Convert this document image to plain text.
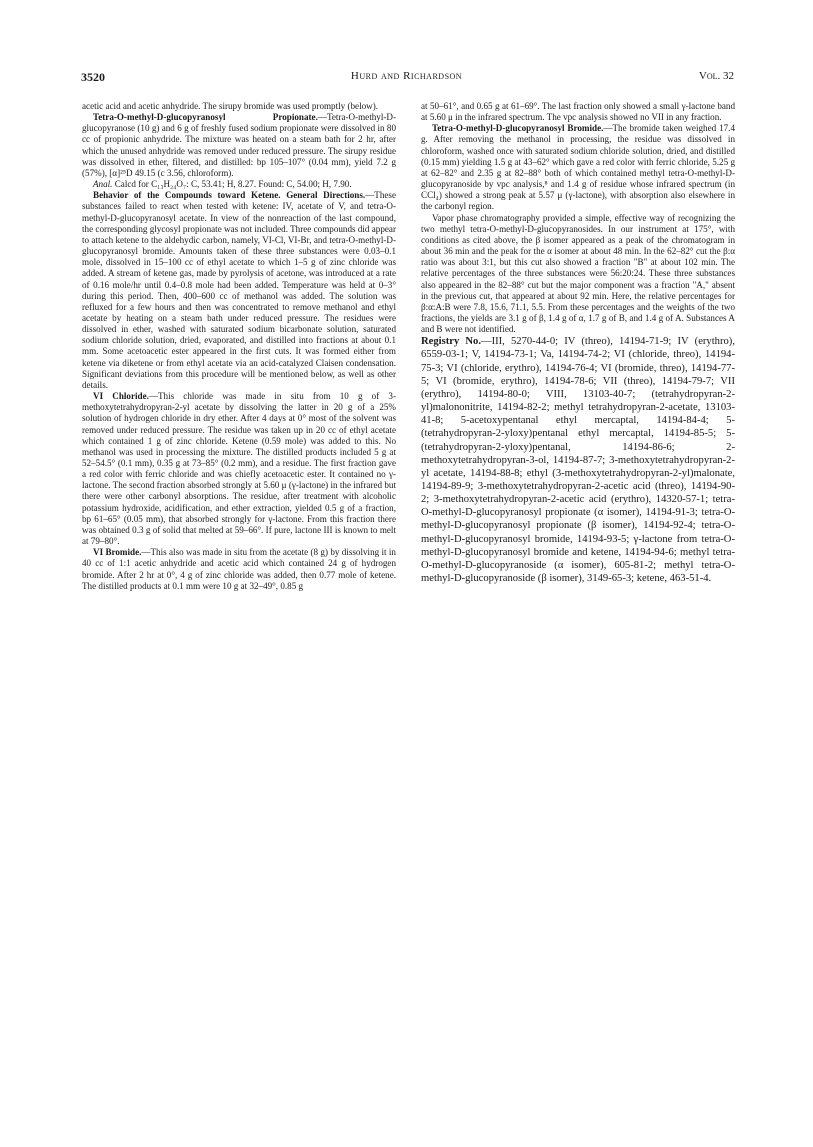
3520	Hurd and Richardson	Vol. 32

acetic acid and acetic anhydride. The sirupy bromide was used promptly (below).

Tetra-O-methyl-D-glucopyranosyl Propionate.—Tetra-O-methyl-D-glucopyranose (10 g) and 6 g of freshly fused sodium propionate were dissolved in 80 cc of propionic anhydride. The mixture was heated on a steam bath for 2 hr, after which the unused anhydride was removed under reduced pressure. The sirupy residue was dissolved in ether, filtered, and distilled: bp 105–107° (0.04 mm), yield 7.2 g (57%), [α]²⁵D 49.15 (c 3.56, chloroform).

Anal. Calcd for C₁₃H₂₄O₇: C, 53.41; H, 8.27. Found: C, 54.00; H, 7.90.

Behavior of the Compounds toward Ketene. General Directions.—These substances failed to react when tested with ketene: IV, acetate of V, and tetra-O-methyl-D-glucopyranosyl acetate. In view of the nonreaction of the last compound, the corresponding glycosyl propionate was not included. Three compounds did appear to attach ketene to the aldehydic carbon, namely, VI-Cl, VI-Br, and tetra-O-methyl-D-glucopyranosyl bromide. Amounts taken of these three substances were 0.03–0.1 mole, dissolved in 15–100 cc of ethyl acetate to which 1–5 g of zinc chloride was added. A stream of ketene gas, made by pyrolysis of acetone, was introduced at a rate of 0.16 mole/hr until 0.4–0.8 mole had been added. Temperature was held at 0–3° during this period. Then, 400–600 cc of methanol was added. The solution was refluxed for a few hours and then was concentrated to remove methanol and ethyl acetate by heating on a steam bath under reduced pressure. The residues were dissolved in ether, washed with saturated sodium bicarbonate solution, saturated sodium chloride solution, dried, evaporated, and distilled into fractions at about 0.1 mm. Some acetoacetic ester appeared in the first cuts. It was formed either from ketene via diketene or from ethyl acetate via an acid-catalyzed Claisen condensation. Significant deviations from this procedure will be mentioned below, as well as other details.

VI Chloride.—This chloride was made in situ from 10 g of 3-methoxytetrahydropyran-2-yl acetate by dissolving the latter in 20 g of a 25% solution of hydrogen chloride in dry ether. After 4 days at 0° most of the solvent was removed under reduced pressure. The residue was taken up in 20 cc of ethyl acetate which contained 1 g of zinc chloride. Ketene (0.59 mole) was added to this. No methanol was used in processing the mixture. The distilled products included 5 g at 52–54.5° (0.1 mm), 0.35 g at 73–85° (0.2 mm), and a residue. The first fraction gave a red color with ferric chloride and was chiefly acetoacetic ester. It contained no γ-lactone. The second fraction absorbed strongly at 5.60 μ (γ-lactone) in the infrared but there were other carbonyl absorptions. The residue, after treatment with alcoholic potassium hydroxide, acidification, and ether extraction, yielded 0.5 g of a fraction, bp 61–65° (0.05 mm), that absorbed strongly for γ-lactone. From this fraction there was obtained 0.3 g of solid that melted at 59–66°. If pure, lactone III is known to melt at 79–80°.

VI Bromide.—This also was made in situ from the acetate (8 g) by dissolving it in 40 cc of 1:1 acetic anhydride and acetic acid which contained 24 g of hydrogen bromide. After 2 hr at 0°, 4 g of zinc chloride was added, then 0.77 mole of ketene. The distilled products at 0.1 mm were 10 g at 32–49°, 0.85 g

at 50–61°, and 0.65 g at 61–69°. The last fraction only showed a small γ-lactone band at 5.60 μ in the infrared spectrum. The vpc analysis showed no VII in any fraction.

Tetra-O-methyl-D-glucopyranosyl Bromide.—The bromide taken weighed 17.4 g. After removing the methanol in processing, the residue was dissolved in chloroform, washed once with saturated sodium chloride solution, dried, and distilled (0.15 mm) yielding 1.5 g at 43–62° which gave a red color with ferric chloride, 5.25 g at 62–82° and 2.35 g at 82–88° both of which contained methyl tetra-O-methyl-D-glucopyranoside by vpc analysis,⁸ and 1.4 g of residue whose infrared spectrum (in CCl₄) showed a strong peak at 5.57 μ (γ-lactone), with absorption also elsewhere in the carbonyl region.

Vapor phase chromatography provided a simple, effective way of recognizing the two methyl tetra-O-methyl-D-glucopyranosides. In our instrument at 175°, with conditions as cited above, the β isomer appeared as a peak of the chromatogram in about 36 min and the peak for the α isomer at about 48 min. In the 62–82° cut the β:α ratio was about 3:1, but this cut also showed a fraction "B" at about 102 min. The relative percentages of the three substances were 56:20:24. These three substances also appeared in the 82–88° cut but the major component was a fraction "A," absent in the previous cut, that appeared at about 92 min. Here, the relative percentages for β:α:A:B were 7.8, 15.6, 71.1, 5.5. From these percentages and the weights of the two fractions, the yields are 3.1 g of β, 1.4 g of α, 1.7 g of B, and 1.4 g of A. Substances A and B were not identified.

Registry No.—III, 5270-44-0; IV (threo), 14194-71-9; IV (erythro), 6559-03-1; V, 14194-73-1; Va, 14194-74-2; VI (chloride, threo), 14194-75-3; VI (chloride, erythro), 14194-76-4; VI (bromide, threo), 14194-77-5; VI (bromide, erythro), 14194-78-6; VII (threo), 14194-79-7; VII (erythro), 14194-80-0; VIII, 13103-40-7; (tetrahydropyran-2-yl)malononitrite, 14194-82-2; methyl tetrahydropyran-2-acetate, 13103-41-8; 5-acetoxypentanal ethyl mercaptal, 14194-84-4; 5-(tetrahydropyran-2-yloxy)pentanal ethyl mercaptal, 14194-85-5; 5-(tetrahydropyran-2-yloxy)pentanal, 14194-86-6; 2-methoxytetrahydropyran-3-ol, 14194-87-7; 3-methoxytetrahydropyran-2-yl acetate, 14194-88-8; ethyl (3-methoxytetrahydropyran-2-yl)malonate, 14194-89-9; 3-methoxytetrahydropyran-2-acetic acid (threo), 14194-90-2; 3-methoxytetrahydropyran-2-acetic acid (erythro), 14320-57-1; tetra-O-methyl-D-glucopyranosyl propionate (α isomer), 14194-91-3; tetra-O-methyl-D-glucopyranosyl propionate (β isomer), 14194-92-4; tetra-O-methyl-D-glucopyranosyl bromide, 14194-93-5; γ-lactone from tetra-O-methyl-D-glucopyranosyl bromide and ketene, 14194-94-6; methyl tetra-O-methyl-D-glucopyranoside (α isomer), 605-81-2; methyl tetra-O-methyl-D-glucopyranoside (β isomer), 3149-65-3; ketene, 463-51-4.
